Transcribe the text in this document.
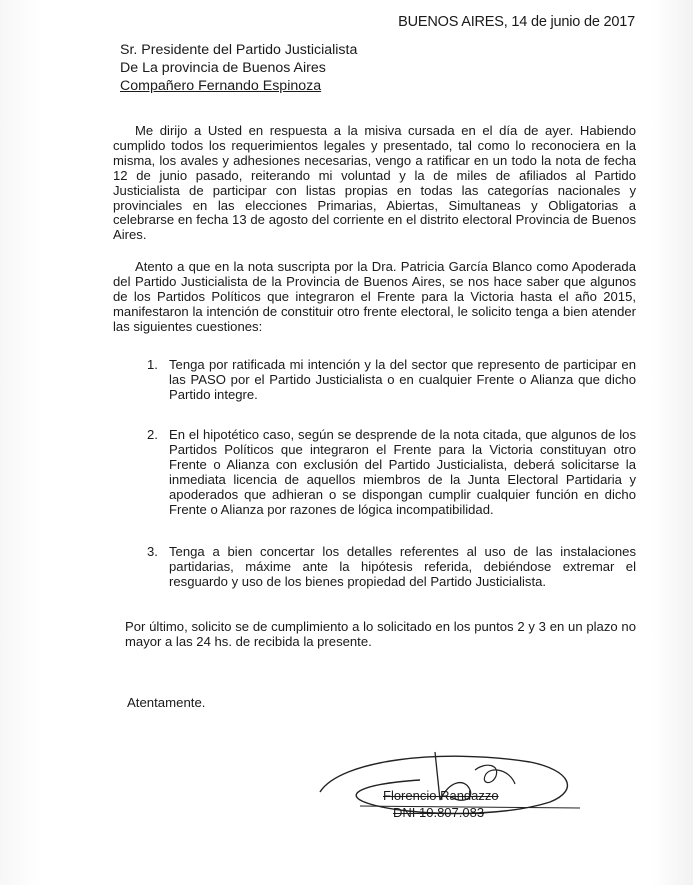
BUENOS AIRES, 14 de junio de 2017
Sr. Presidente del Partido Justicialista
De La provincia de Buenos Aires
Compañero Fernando Espinoza
Me dirijo a Usted en respuesta a la misiva cursada en el día de ayer. Habiendo cumplido todos los requerimientos legales y presentado, tal como lo reconociera en la misma, los avales y adhesiones necesarias, vengo a ratificar en un todo la nota de fecha 12 de junio pasado, reiterando mi voluntad y la de miles de afiliados al Partido Justicialista de participar con listas propias en todas las categorías nacionales y provinciales en las elecciones Primarias, Abiertas, Simultaneas y Obligatorias a celebrarse en fecha 13 de agosto del corriente en el distrito electoral Provincia de Buenos Aires.
Atento a que en la nota suscripta por la Dra. Patricia García Blanco como Apoderada del Partido Justicialista de la Provincia de Buenos Aires, se nos hace saber que algunos de los Partidos Políticos que integraron el Frente para la Victoria hasta el año 2015, manifestaron la intención de constituir otro frente electoral, le solicito tenga a bien atender las siguientes cuestiones:
1. Tenga por ratificada mi intención y la del sector que represento de participar en las PASO por el Partido Justicialista o en cualquier Frente o Alianza que dicho Partido integre.
2. En el hipotético caso, según se desprende de la nota citada, que algunos de los Partidos Políticos que integraron el Frente para la Victoria constituyan otro Frente o Alianza con exclusión del Partido Justicialista, deberá solicitarse la inmediata licencia de aquellos miembros de la Junta Electoral Partidaria y apoderados que adhieran o se dispongan cumplir cualquier función en dicho Frente o Alianza por razones de lógica incompatibilidad.
3. Tenga a bien concertar los detalles referentes al uso de las instalaciones partidarias, máxime ante la hipótesis referida, debiéndose extremar el resguardo y uso de los bienes propiedad del Partido Justicialista.
Por último, solicito se de cumplimiento a lo solicitado en los puntos 2 y 3 en un plazo no mayor a las 24 hs. de recibida la presente.
Atentamente.
Florencio Randazzo
DNI 10.807.083
